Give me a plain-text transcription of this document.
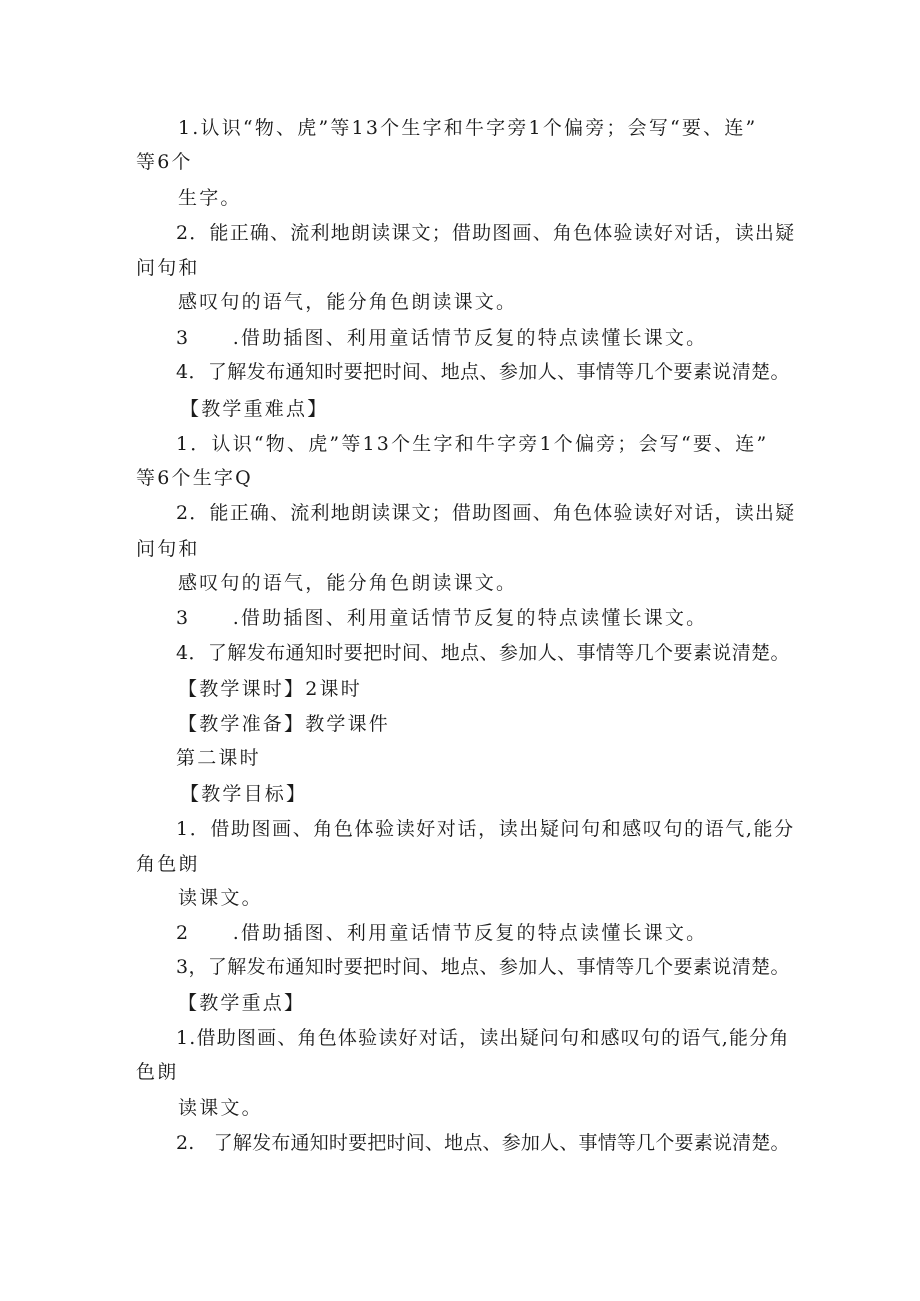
1.认识“物、虎”等13个生字和牛字旁1个偏旁；会写“要、连”
等6个
生字。
2．能正确、流利地朗读课文；借助图画、角色体验读好对话，读出疑
问句和
感叹句的语气，能分角色朗读课文。
3　　.借助插图、利用童话情节反复的特点读懂长课文。
4．了解发布通知时要把时间、地点、参加人、事情等几个要素说清楚。
【教学重难点】
1．认识“物、虎”等13个生字和牛字旁1个偏旁；会写“要、连”
等6个生字Q
2．能正确、流利地朗读课文；借助图画、角色体验读好对话，读出疑
问句和
感叹句的语气，能分角色朗读课文。
3　　.借助插图、利用童话情节反复的特点读懂长课文。
4．了解发布通知时要把时间、地点、参加人、事情等几个要素说清楚。
【教学课时】2课时
【教学准备】教学课件
第二课时
【教学目标】
1．借助图画、角色体验读好对话，读出疑问句和感叹句的语气,能分
角色朗
读课文。
2　　.借助插图、利用童话情节反复的特点读懂长课文。
3，了解发布通知时要把时间、地点、参加人、事情等几个要素说清楚。
【教学重点】
1.借助图画、角色体验读好对话，读出疑问句和感叹句的语气,能分角
色朗
读课文。
2.　了解发布通知时要把时间、地点、参加人、事情等几个要素说清楚。
